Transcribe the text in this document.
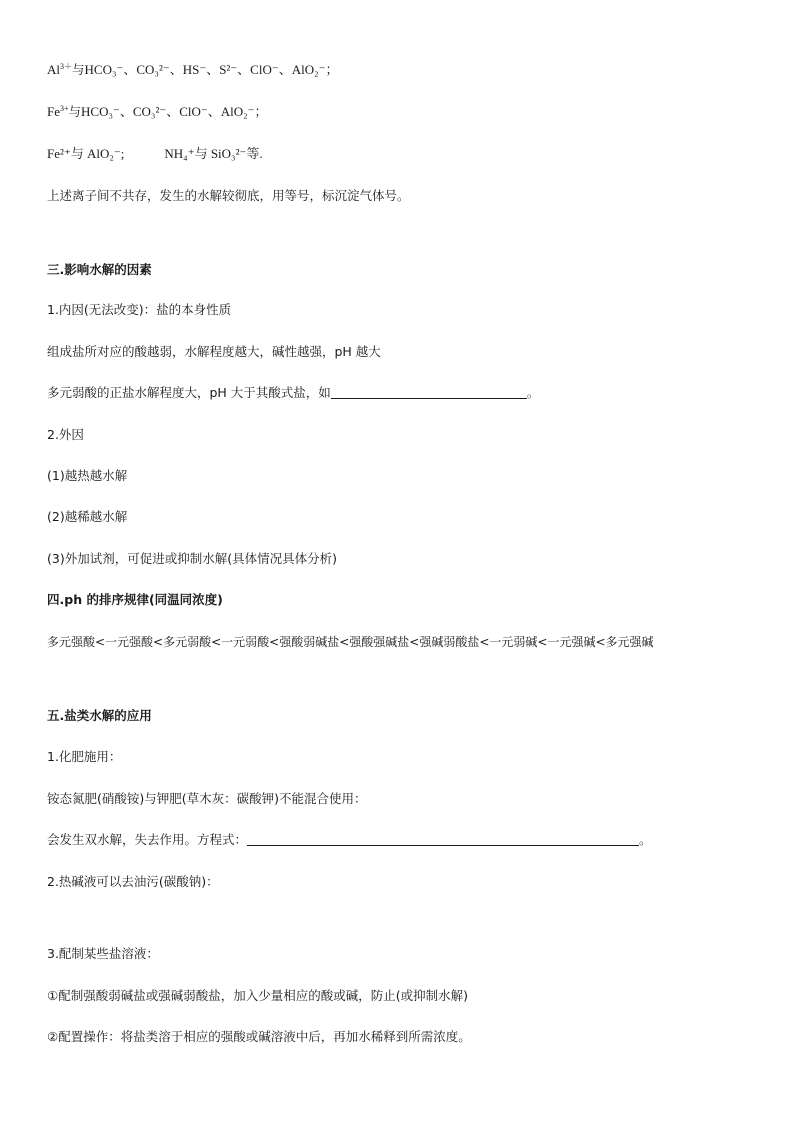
$Al^{3+}$与HCO₃⁻、CO₃²⁻、HS⁻、S²⁻、ClO⁻、AlO₂⁻；
$Fe^{3+}$与HCO₃⁻、CO₃²⁻、ClO⁻、AlO₂⁻；
Fe²⁺与 AlO₂⁻;	NH₄⁺与 SiO₃²⁻等.
上述离子间不共存，发生的水解较彻底，用等号，标沉淀气体号。
三.影响水解的因素
1.内因(无法改变)：盐的本身性质
组成盐所对应的酸越弱，水解程度越大，碱性越强，pH 越大
多元弱酸的正盐水解程度大，pH 大于其酸式盐，如	。
2.外因
(1)越热越水解
(2)越稀越水解
(3)外加试剂，可促进或抑制水解(具体情况具体分析)
四.ph 的排序规律(同温同浓度)
多元强酸<一元强酸<多元弱酸<一元弱酸<强酸弱碱盐<强酸强碱盐<强碱弱酸盐<一元弱碱<一元强碱<多元强碱
五.盐类水解的应用
1.化肥施用：
铵态氮肥(硝酸铵)与钾肥(草木灰：碳酸钾)不能混合使用：
会发生双水解，失去作用。方程式：	。
2.热碱液可以去油污(碳酸钠)：
3.配制某些盐溶液：
①配制强酸弱碱盐或强碱弱酸盐，加入少量相应的酸或碱，防止(或抑制水解)
②配置操作：将盐类溶于相应的强酸或碱溶液中后，再加水稀释到所需浓度。
